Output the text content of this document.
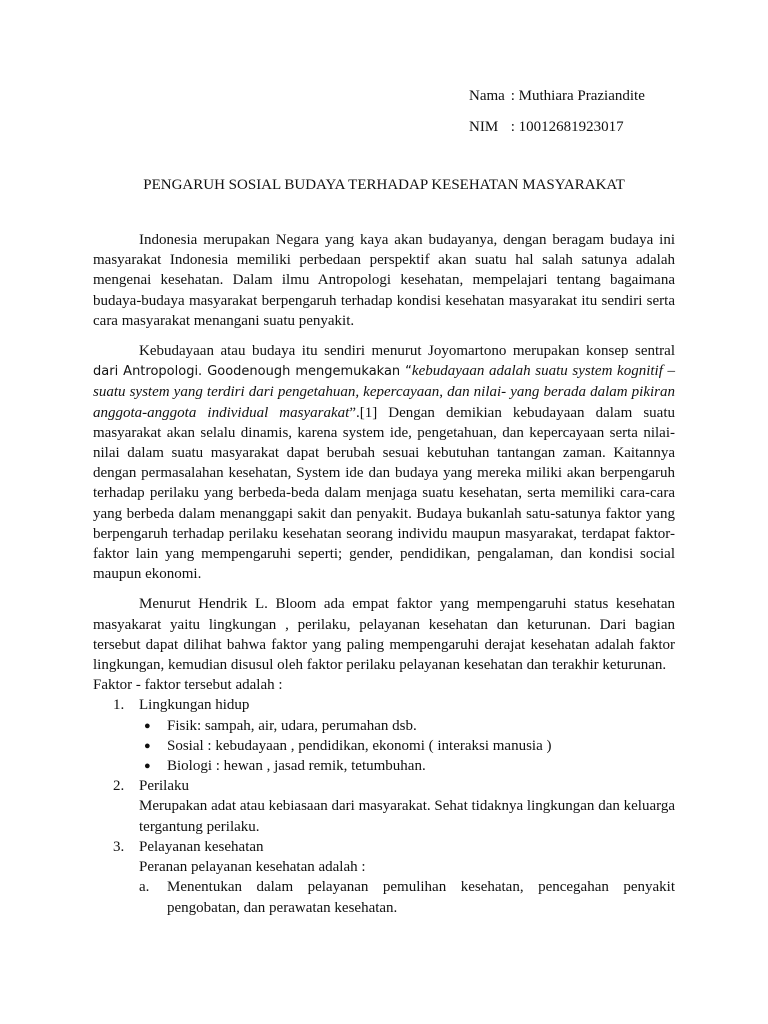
Nama : Muthiara Praziandite
NIM : 10012681923017
PENGARUH SOSIAL BUDAYA TERHADAP KESEHATAN MASYARAKAT

Indonesia merupakan Negara yang kaya akan budayanya, dengan beragam budaya ini masyarakat Indonesia memiliki perbedaan perspektif akan suatu hal salah satunya adalah mengenai kesehatan. Dalam ilmu Antropologi kesehatan, mempelajari tentang bagaimana budaya-budaya masyarakat berpengaruh terhadap kondisi kesehatan masyarakat itu sendiri serta cara masyarakat menangani suatu penyakit.

Kebudayaan atau budaya itu sendiri menurut Joyomartono merupakan konsep sentral dari Antropologi. Goodenough mengemukakan “kebudayaan adalah suatu system kognitif – suatu system yang terdiri dari pengetahuan, kepercayaan, dan nilai- yang berada dalam pikiran anggota-anggota individual masyarakat”.[1] Dengan demikian kebudayaan dalam suatu masyarakat akan selalu dinamis, karena system ide, pengetahuan, dan kepercayaan serta nilai-nilai dalam suatu masyarakat dapat berubah sesuai kebutuhan tantangan zaman. Kaitannya dengan permasalahan kesehatan, System ide dan budaya yang mereka miliki akan berpengaruh terhadap perilaku yang berbeda-beda dalam menjaga suatu kesehatan, serta memiliki cara-cara yang berbeda dalam menanggapi sakit dan penyakit. Budaya bukanlah satu-satunya faktor yang berpengaruh terhadap perilaku kesehatan seorang individu maupun masyarakat, terdapat faktor-faktor lain yang mempengaruhi seperti; gender, pendidikan, pengalaman, dan kondisi social maupun ekonomi.

Menurut Hendrik L. Bloom ada empat faktor yang mempengaruhi status kesehatan masyakarat yaitu lingkungan , perilaku, pelayanan kesehatan dan keturunan. Dari bagian tersebut dapat dilihat bahwa faktor yang paling mempengaruhi derajat kesehatan adalah faktor lingkungan, kemudian disusul oleh faktor perilaku pelayanan kesehatan dan terakhir keturunan.

Faktor - faktor tersebut adalah :

1. Lingkungan hidup
● Fisik: sampah, air, udara, perumahan dsb.
● Sosial : kebudayaan , pendidikan, ekonomi ( interaksi manusia )
● Biologi : hewan , jasad remik, tetumbuhan.
2. Perilaku
Merupakan adat atau kebiasaan dari masyarakat. Sehat tidaknya lingkungan dan keluarga tergantung perilaku.
3. Pelayanan kesehatan
Peranan pelayanan kesehatan adalah :
a. Menentukan dalam pelayanan pemulihan kesehatan, pencegahan penyakit pengobatan, dan perawatan kesehatan.
